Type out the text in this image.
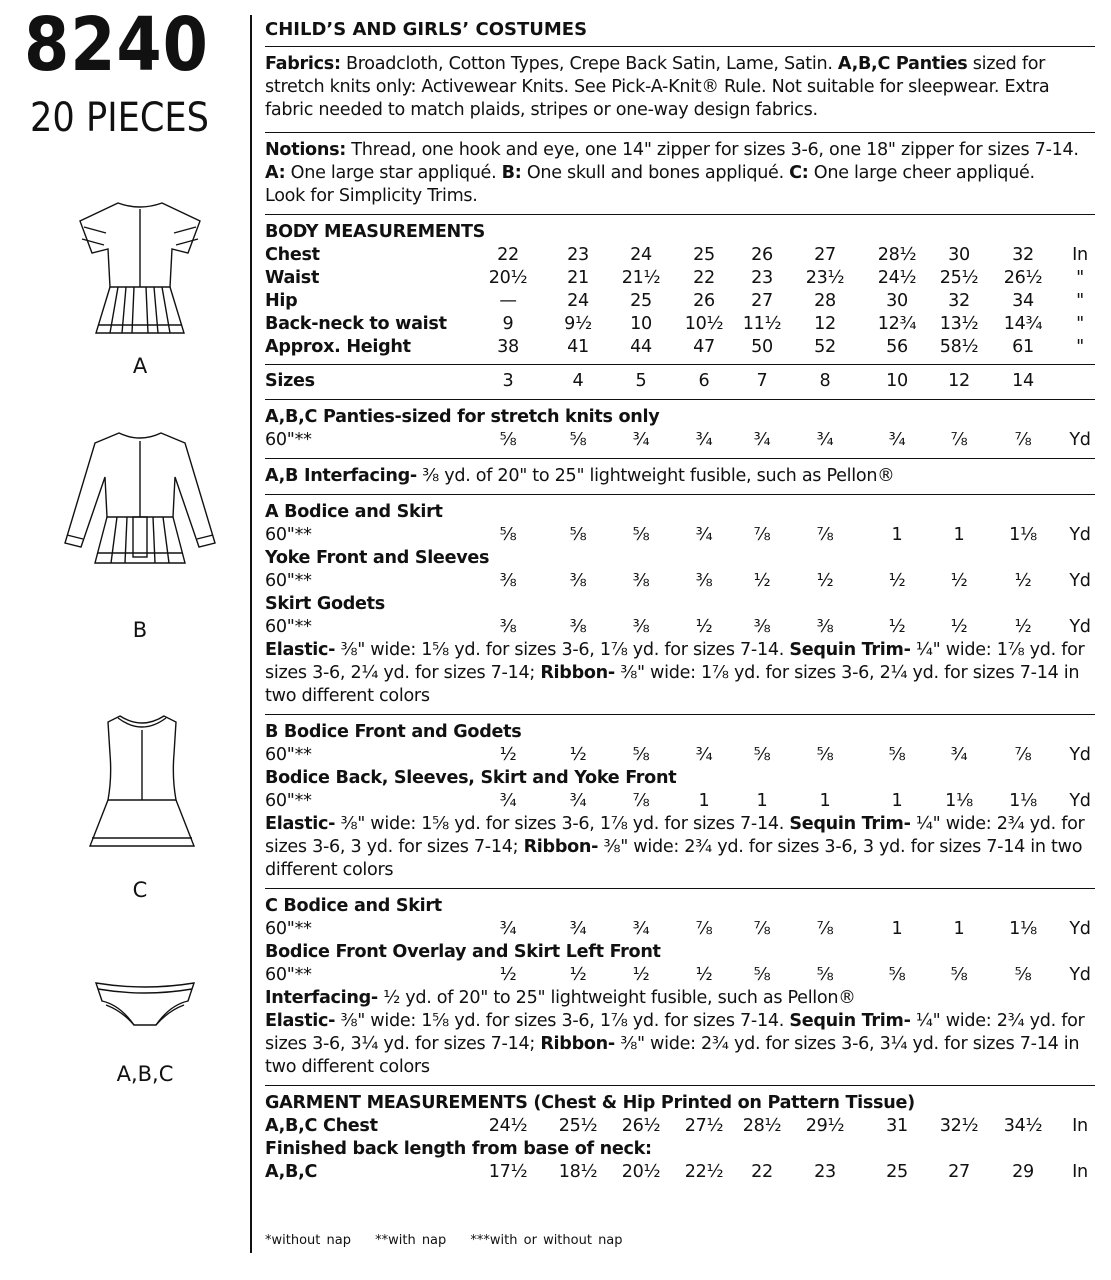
8240
20 PIECES
A
B
C
A,B,C
CHILD’S AND GIRLS’ COSTUMES

Fabrics: Broadcloth, Cotton Types, Crepe Back Satin, Lame, Satin. A,B,C Panties sized for stretch knits only: Activewear Knits. See Pick-A-Knit® Rule. Not suitable for sleepwear. Extra fabric needed to match plaids, stripes or one-way design fabrics.

Notions: Thread, one hook and eye, one 14" zipper for sizes 3-6, one 18" zipper for sizes 7-14.
A: One large star appliqué. B: One skull and bones appliqué. C: One large cheer appliqué.
Look for Simplicity Trims.

BODY MEASUREMENTS
Chest	22	23	24	25	26	27	28½	30	32	In
Waist	20½	21	21½	22	23	23½	24½	25½	26½	"
Hip	—	24	25	26	27	28	30	32	34	"
Back-neck to waist	9	9½	10	10½	11½	12	12¾	13½	14¾	"
Approx. Height	38	41	44	47	50	52	56	58½	61	"
Sizes	3	4	5	6	7	8	10	12	14
A,B,C Panties-sized for stretch knits only
60"**	⅝	⅝	¾	¾	¾	¾	¾	⅞	⅞	Yd

A,B Interfacing- ⅜ yd. of 20" to 25" lightweight fusible, such as Pellon®

A Bodice and Skirt
60"**	⅝	⅝	⅝	¾	⅞	⅞	1	1	1⅛	Yd
Yoke Front and Sleeves
60"**	⅜	⅜	⅜	⅜	½	½	½	½	½	Yd
Skirt Godets
60"**	⅜	⅜	⅜	½	⅜	⅜	½	½	½	Yd

Elastic- ⅜" wide: 1⅝ yd. for sizes 3-6, 1⅞ yd. for sizes 7-14. Sequin Trim- ¼" wide: 1⅞ yd. for sizes 3-6, 2¼ yd. for sizes 7-14; Ribbon- ⅜" wide: 1⅞ yd. for sizes 3-6, 2¼ yd. for sizes 7-14 in two different colors

B Bodice Front and Godets
60"**	½	½	⅝	¾	⅝	⅝	⅝	¾	⅞	Yd
Bodice Back, Sleeves, Skirt and Yoke Front
60"**	¾	¾	⅞	1	1	1	1	1⅛	1⅛	Yd

Elastic- ⅜" wide: 1⅝ yd. for sizes 3-6, 1⅞ yd. for sizes 7-14. Sequin Trim- ¼" wide: 2¾ yd. for sizes 3-6, 3 yd. for sizes 7-14; Ribbon- ⅜" wide: 2¾ yd. for sizes 3-6, 3 yd. for sizes 7-14 in two different colors

C Bodice and Skirt
60"**	¾	¾	¾	⅞	⅞	⅞	1	1	1⅛	Yd
Bodice Front Overlay and Skirt Left Front
60"**	½	½	½	½	⅝	⅝	⅝	⅝	⅝	Yd

Interfacing- ½ yd. of 20" to 25" lightweight fusible, such as Pellon®

Elastic- ⅜" wide: 1⅝ yd. for sizes 3-6, 1⅞ yd. for sizes 7-14. Sequin Trim- ¼" wide: 2¾ yd. for sizes 3-6, 3¼ yd. for sizes 7-14; Ribbon- ⅜" wide: 2¾ yd. for sizes 3-6, 3¼ yd. for sizes 7-14 in two different colors

GARMENT MEASUREMENTS (Chest & Hip Printed on Pattern Tissue)
A,B,C Chest	24½	25½	26½	27½	28½	29½	31	32½	34½	In
Finished back length from base of neck:
A,B,C	17½	18½	20½	22½	22	23	25	27	29	In
*without nap **with nap ***with or without nap
